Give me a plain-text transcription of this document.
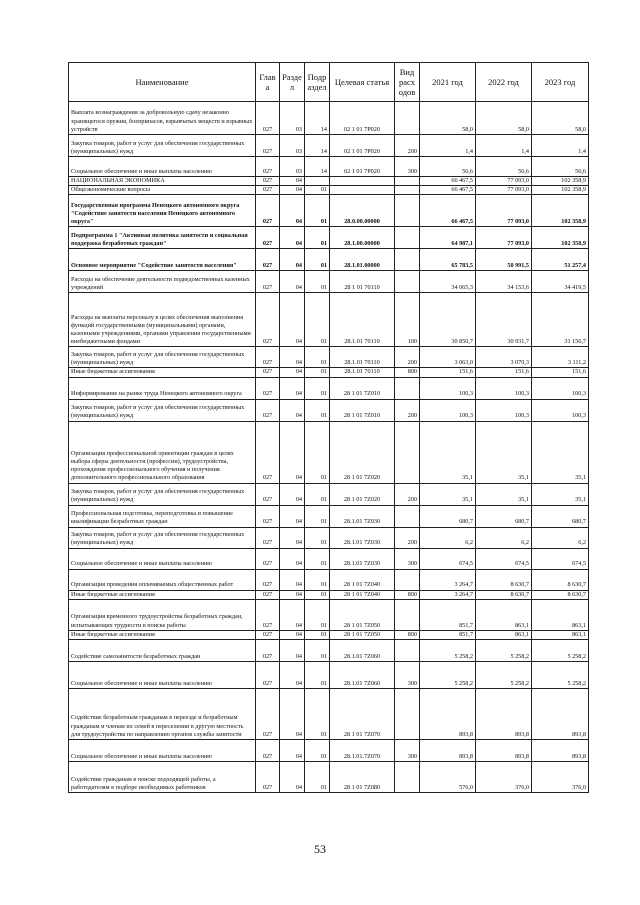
Наименование	Глав а	Разде л	Подр аздел	Целевая статья	Вид расх одов	2021 год	2022 год	2023 год
Выплата вознаграждения за добровольную сдачу незаконно хранящегося оружия, боеприпасов, взрывчатых веществ и взрывных устройств	027	03	14	02 1 01 7Р020		58,0	58,0	58,0
Закупка товаров, работ и услуг для обеспечения государственных (муниципальных) нужд	027	03	14	02 1 01 7Р020	200	1,4	1,4	1,4
Социальное обеспечение и иные выплаты населению	027	03	14	02 1 01 7Р020	300	56,6	56,6	56,6
НАЦИОНАЛЬНАЯ ЭКОНОМИКА	027	04				66 467,5	77 093,0	102 358,9
Общеэкономические вопросы	027	04	01			66 467,5	77 093,0	102 358,9
Государственная программа Ненецкого автономного округа "Содействие занятости населения Ненецкого автономного округа"	027	04	01	28.0.00.00000		66 467,5	77 093,0	102 358,9
Подпрограмма 1 "Активная политика занятости и социальная поддержка безработных граждан"	027	04	01	28.1.00.00000		64 987,1	77 093,0	102 358,9
Основное мероприятие "Содействие занятости населения"	027	04	01	28.1.01.00000		65 783,5	50 991,5	51 257,4
Расходы на обеспечение деятельности подведомственных казенных учреждений	027	04	01	28 1 01 70110		34 065,3	34 153,6	34 419,5
Расходы на выплаты персоналу в целях обеспечения выполнения функций государственными (муниципальными) органами, казенными учреждениями, органами управления государственными внебюджетными фондами	027	04	01	28.1.01 70110	100	30 850,7	30 931,7	31 156,7
Закупка товаров, работ и услуг для обеспечения государственных (муниципальных) нужд	027	04	01	28.1.01 70110	200	3 063,0	3 070,3	3 111,2
Иные бюджетные ассигнования	027	04	01	28.1.01 70110	800	151,6	151,6	151,6
Информирование на рынке труда Ненецкого автономного округа	027	04	01	28 1 01 7Z010		100,3	100,3	100,3
Закупка товаров, работ и услуг для обеспечения государственных (муниципальных) нужд	027	04	01	28 1 01 7Z010	200	100,3	100,3	100,3
Организация профессиональной ориентации граждан в целях выбора сферы деятельности (профессии), трудоустройства, прохождения профессионального обучения и получения дополнительного профессионального образования	027	04	01	28 1 01 7Z020		35,1	35,1	35,1
Закупка товаров, работ и услуг для обеспечения государственных (муниципальных) нужд	027	04	01	28 1 01 7Z020	200	35,1	35,1	35,1
Профессиональная подготовка, переподготовка и повышение квалификации безработных граждан	027	04	01	28.1.01 7Z030		680,7	680,7	680,7
Закупка товаров, работ и услуг для обеспечения государственных (муниципальных) нужд	027	04	01	28.1.01 7Z030	200	6,2	6,2	6,2
Социальное обеспечение и иные выплаты населению	027	04	01	28.1.01 7Z030	300	674,5	674,5	674,5
Организация проведения оплачиваемых общественных работ	027	04	01	28 1 01 7Z040		3 264,7	8 630,7	8 630,7
Иные бюджетные ассигнования	027	04	01	28 1 01 7Z040	800	3 264,7	8 630,7	8 630,7
Организация временного трудоустройства безработных граждан, испытывающих трудности в поиске работы	027	04	01	28 1 01 7Z050		851,7	863,1	863,1
Иные бюджетные ассигнования	027	04	01	28 1 01 7Z050	800	851,7	863,1	863,1
Содействие самозанятости безработных граждан	027	04	01	28.1.01 7Z060		5 258,2	5 258,2	5 258,2
Социальное обеспечение и иные выплаты населению	027	04	01	28.1.01 7Z060	300	5 258,2	5 258,2	5 258,2
Содействие безработным гражданам в переезде и безработным гражданам и членам их семей в переселении в другую местность для трудоустройства по направлению органов службы занятости	027	04	01	28 1 01 7Z070		893,8	893,8	893,8
Социальное обеспечение и иные выплаты населению	027	04	01	28.1.01.7Z070	300	893,8	893,8	893,8
Содействие гражданам в поиске подходящей работы, а работодателям в подборе необходимых работников	027	04	01	28 1 01 7Z080		576,0	376,0	376,0
53
